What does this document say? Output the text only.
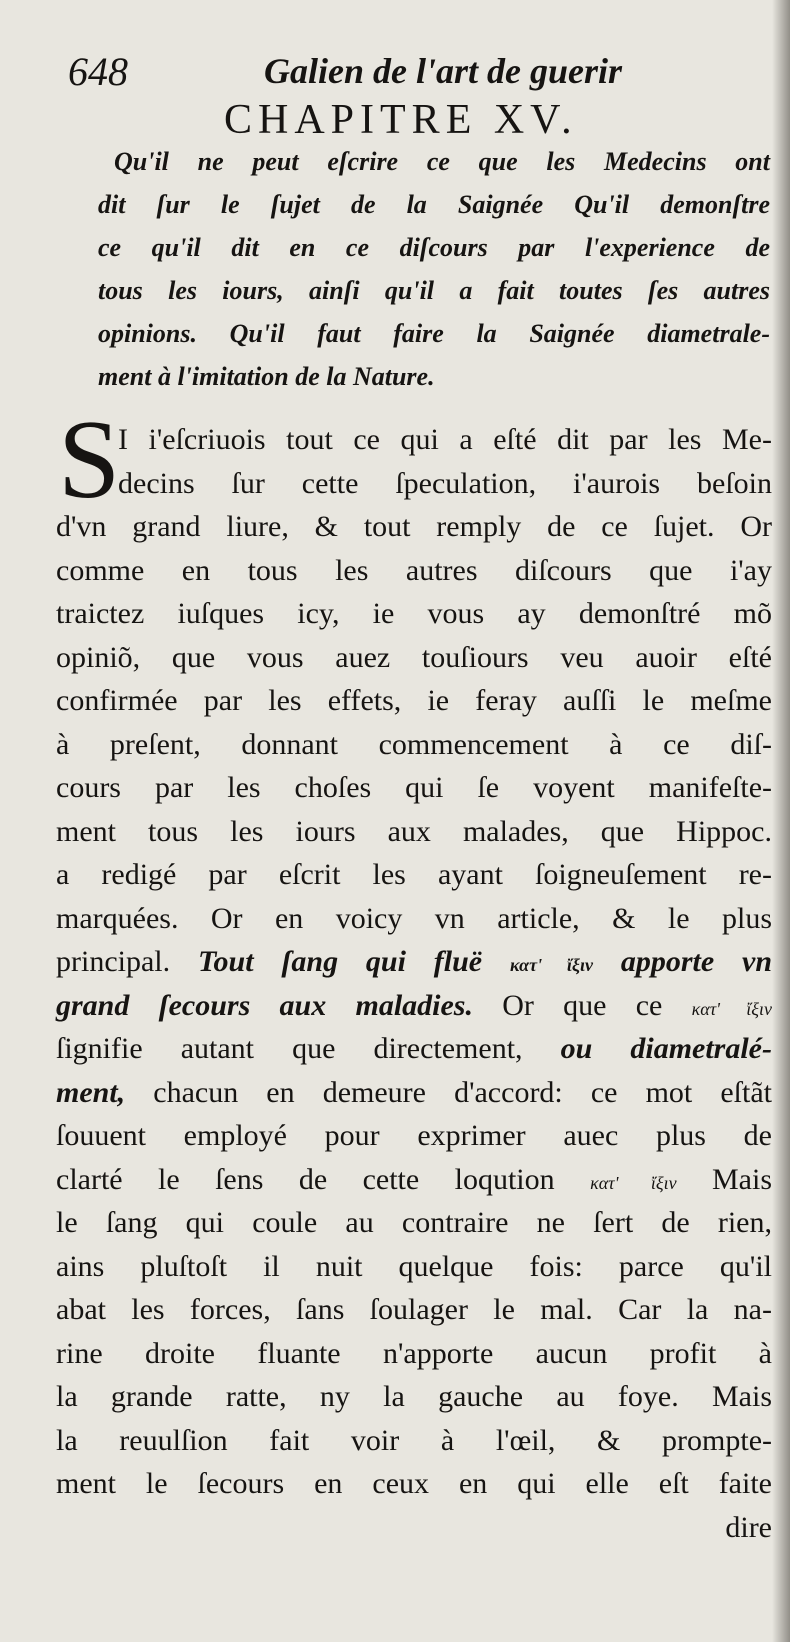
648	Galien de l'art de guerir
CHAPITRE XV.
Qu'il ne peut eſcrire ce que les Medecins ont
dit ſur le ſujet de la Saignée Qu'il demonſtre
ce qu'il dit en ce diſcours par l'experience de
tous les iours, ainſi qu'il a fait toutes ſes autres
opinions. Qu'il faut faire la Saignée diametrale-
ment à l'imitation de la Nature.
S
I i'eſcriuois tout ce qui a eſté dit par les Me-
decins ſur cette ſpeculation, i'aurois beſoin
d'vn grand liure, & tout remply de ce ſujet. Or
comme en tous les autres diſcours que i'ay
traictez iuſques icy, ie vous ay demonſtré mõ
opiniõ, que vous auez touſiours veu auoir eſté
confirmée par les effets, ie feray auſſi le meſme
à preſent, donnant commencement à ce diſ-
cours par les choſes qui ſe voyent manifeſte-
ment tous les iours aux malades, que Hippoc.
a redigé par eſcrit les ayant ſoigneuſement re-
marquées. Or en voicy vn article, & le plus
principal. Tout ſang qui fluë κατ' ἴξιν apporte vn
grand ſecours aux maladies. Or que ce κατ' ἴξιν
ſignifie autant que directement, ou diametralé-
ment, chacun en demeure d'accord: ce mot eſtãt
ſouuent employé pour exprimer auec plus de
clarté le ſens de cette loqution κατ' ἴξιν Mais
le ſang qui coule au contraire ne ſert de rien,
ains pluſtoſt il nuit quelque fois: parce qu'il
abat les forces, ſans ſoulager le mal. Car la na-
rine droite fluante n'apporte aucun profit à
la grande ratte, ny la gauche au foye. Mais
la reuulſion fait voir à l'œil, & prompte-
ment le ſecours en ceux en qui elle eſt faite
dire
